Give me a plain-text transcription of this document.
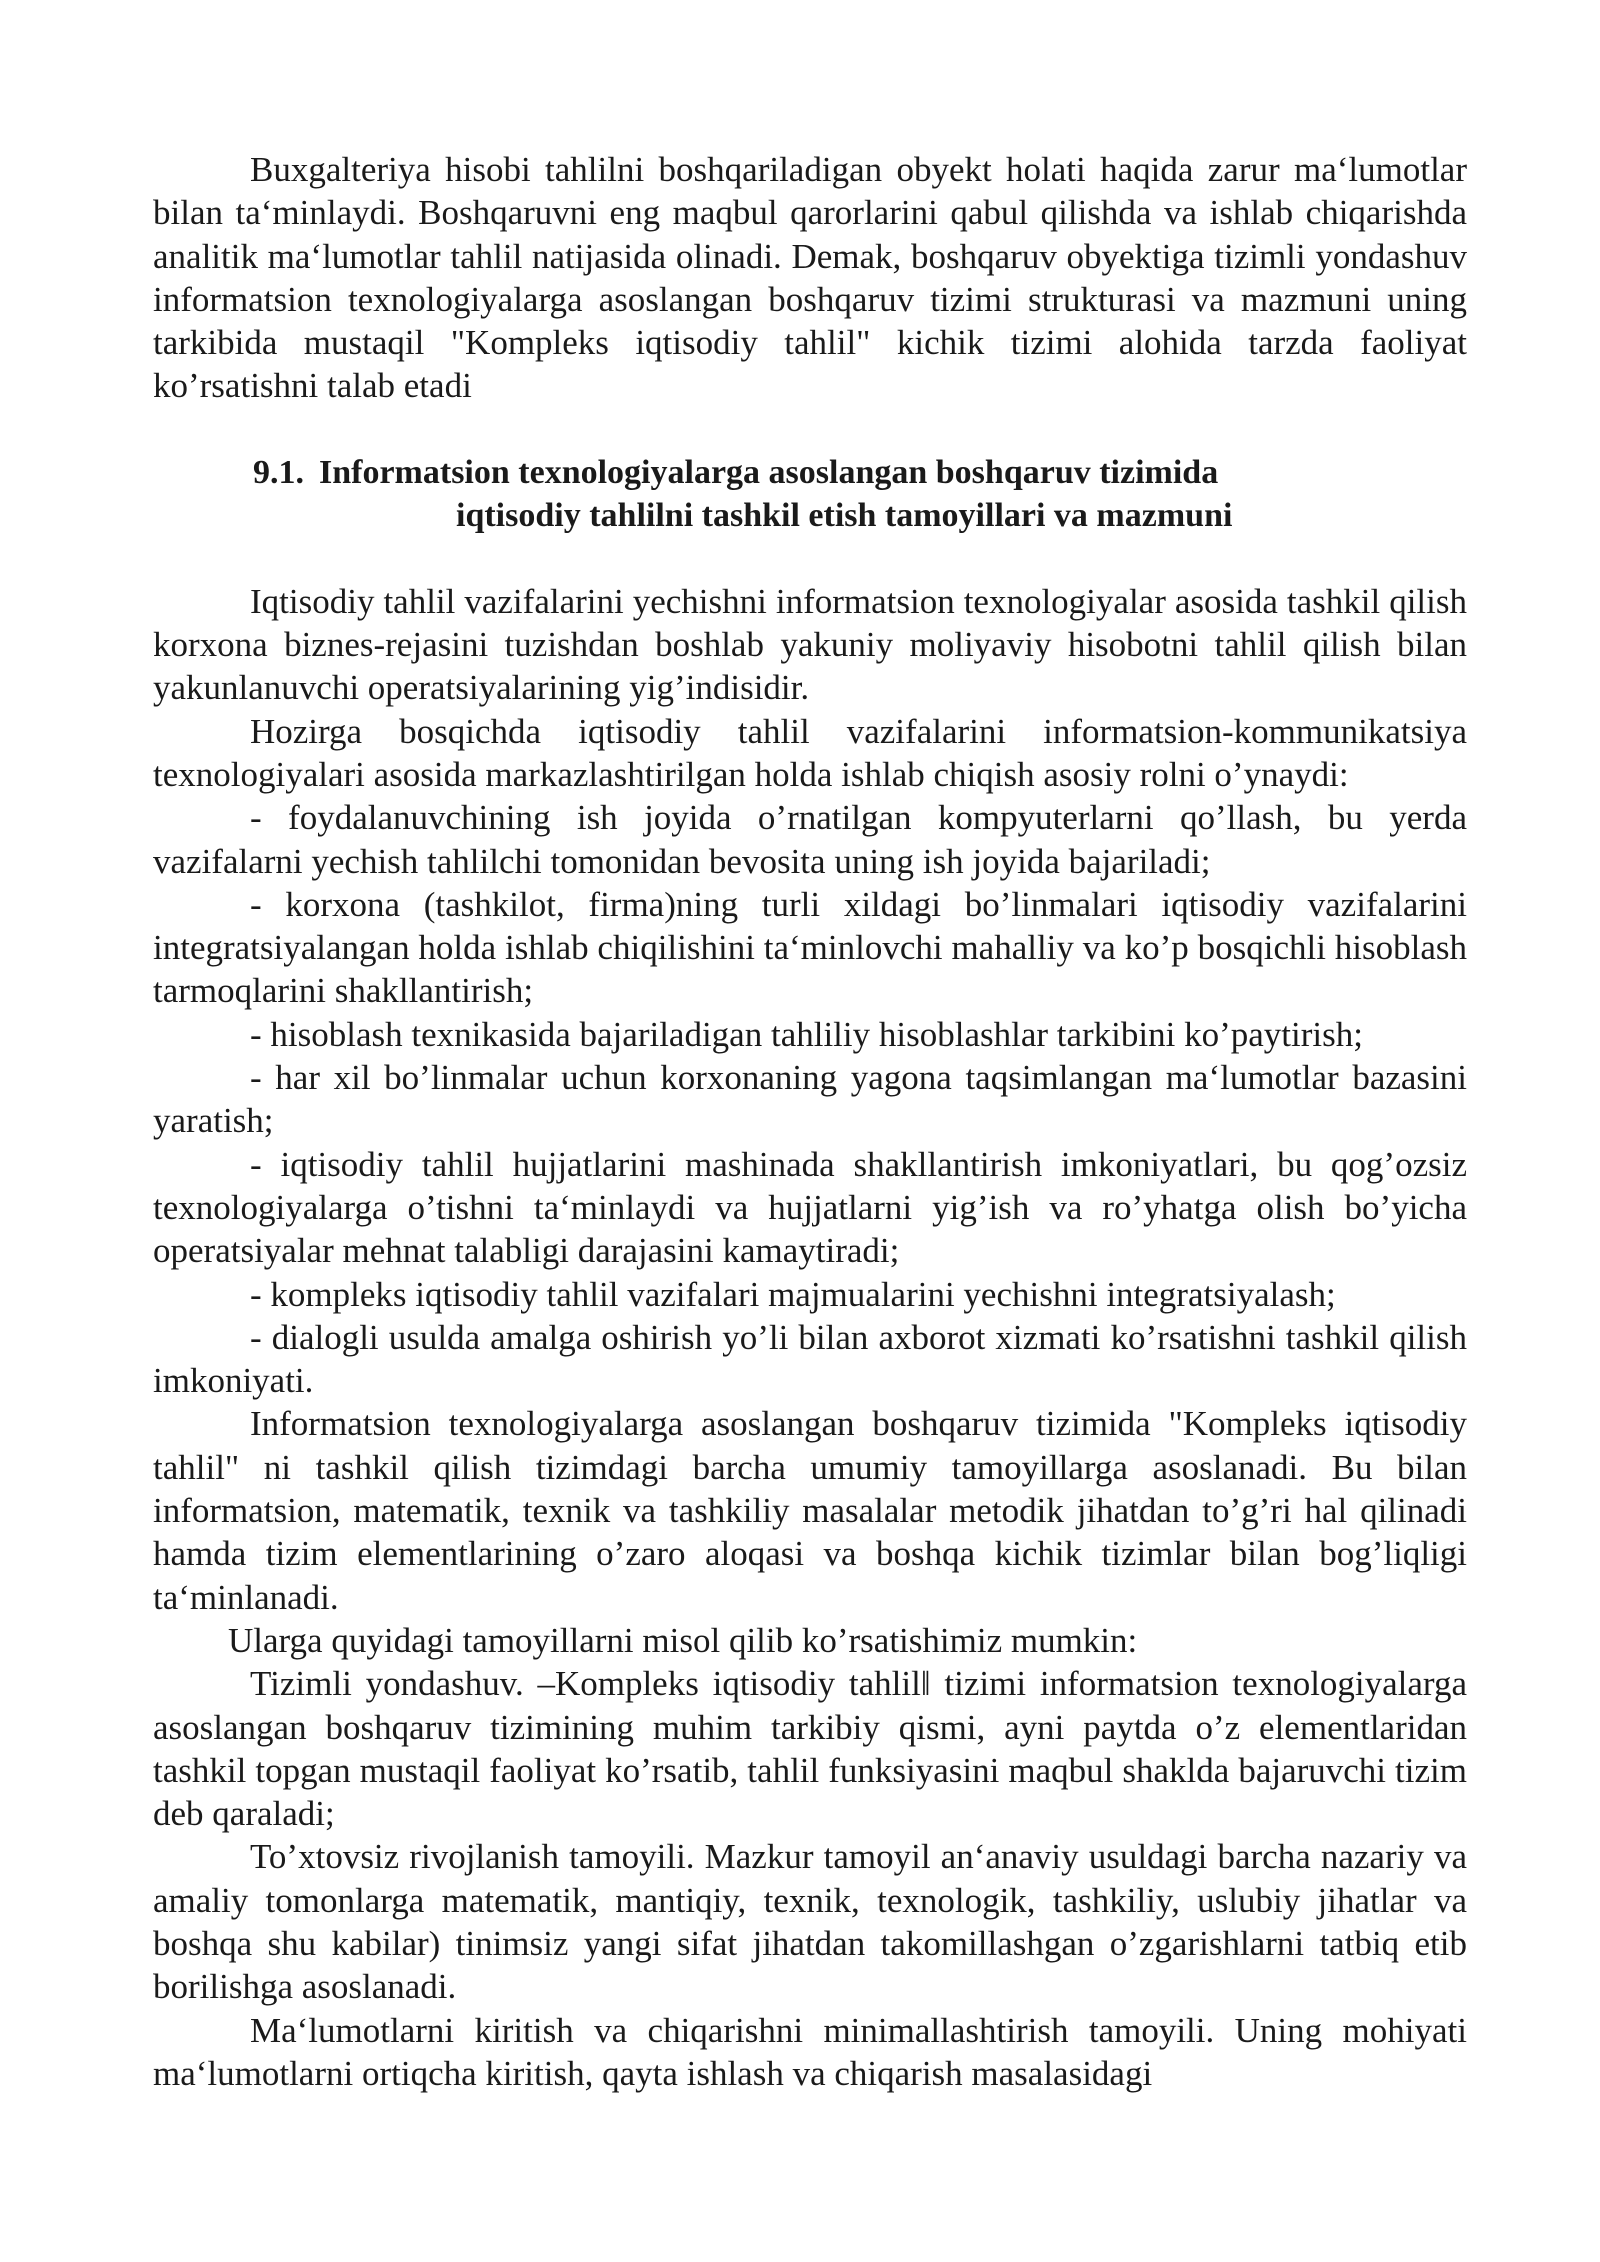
Buxgalteriya hisobi tahlilni boshqariladigan obyekt holati haqida zarur ma‘lumotlar bilan ta‘minlaydi. Boshqaruvni eng maqbul qarorlarini qabul qilishda va ishlab chiqarishda analitik ma‘lumotlar tahlil natijasida olinadi. Demak, boshqaruv obyektiga tizimli yondashuv informatsion texnologiyalarga asoslangan boshqaruv tizimi strukturasi va mazmuni uning tarkibida mustaqil "Kompleks iqtisodiy tahlil" kichik tizimi alohida tarzda faoliyat ko’rsatishni talab etadi

9.1. Informatsion texnologiyalarga asoslangan boshqaruv tizimida
iqtisodiy tahlilni tashkil etish tamoyillari va mazmuni

Iqtisodiy tahlil vazifalarini yechishni informatsion texnologiyalar asosida tashkil qilish korxona biznes-rejasini tuzishdan boshlab yakuniy moliyaviy hisobotni tahlil qilish bilan yakunlanuvchi operatsiyalarining yig’indisidir.

Hozirga bosqichda iqtisodiy tahlil vazifalarini informatsion-kommunikatsiya texnologiyalari asosida markazlashtirilgan holda ishlab chiqish asosiy rolni o’ynaydi:

- foydalanuvchining ish joyida o’rnatilgan kompyuterlarni qo’llash, bu yerda vazifalarni yechish tahlilchi tomonidan bevosita uning ish joyida bajariladi;

- korxona (tashkilot, firma)ning turli xildagi bo’linmalari iqtisodiy vazifalarini integratsiyalangan holda ishlab chiqilishini ta‘minlovchi mahalliy va ko’p bosqichli hisoblash tarmoqlarini shakllantirish;

- hisoblash texnikasida bajariladigan tahliliy hisoblashlar tarkibini ko’paytirish;

- har xil bo’linmalar uchun korxonaning yagona taqsimlangan ma‘lumotlar bazasini yaratish;

- iqtisodiy tahlil hujjatlarini mashinada shakllantirish imkoniyatlari, bu qog’ozsiz texnologiyalarga o’tishni ta‘minlaydi va hujjatlarni yig’ish va ro’yhatga olish bo’yicha operatsiyalar mehnat talabligi darajasini kamaytiradi;

- kompleks iqtisodiy tahlil vazifalari majmualarini yechishni integratsiyalash;

- dialogli usulda amalga oshirish yo’li bilan axborot xizmati ko’rsatishni tashkil qilish imkoniyati.

Informatsion texnologiyalarga asoslangan boshqaruv tizimida "Kompleks iqtisodiy tahlil" ni tashkil qilish tizimdagi barcha umumiy tamoyillarga asoslanadi. Bu bilan informatsion, matematik, texnik va tashkiliy masalalar metodik jihatdan to’g’ri hal qilinadi hamda tizim elementlarining o’zaro aloqasi va boshqa kichik tizimlar bilan bog’liqligi ta‘minlanadi.

Ularga quyidagi tamoyillarni misol qilib ko’rsatishimiz mumkin:

Tizimli yondashuv. –Kompleks iqtisodiy tahlil‖ tizimi informatsion texnologiyalarga asoslangan boshqaruv tizimining muhim tarkibiy qismi, ayni paytda o’z elementlaridan tashkil topgan mustaqil faoliyat ko’rsatib, tahlil funksiyasini maqbul shaklda bajaruvchi tizim deb qaraladi;

To’xtovsiz rivojlanish tamoyili. Mazkur tamoyil an‘anaviy usuldagi barcha nazariy va amaliy tomonlarga matematik, mantiqiy, texnik, texnologik, tashkiliy, uslubiy jihatlar va boshqa shu kabilar) tinimsiz yangi sifat jihatdan takomillashgan o’zgarishlarni tatbiq etib borilishga asoslanadi.

Ma‘lumotlarni kiritish va chiqarishni minimallashtirish tamoyili. Uning mohiyati ma‘lumotlarni ortiqcha kiritish, qayta ishlash va chiqarish masalasidagi
